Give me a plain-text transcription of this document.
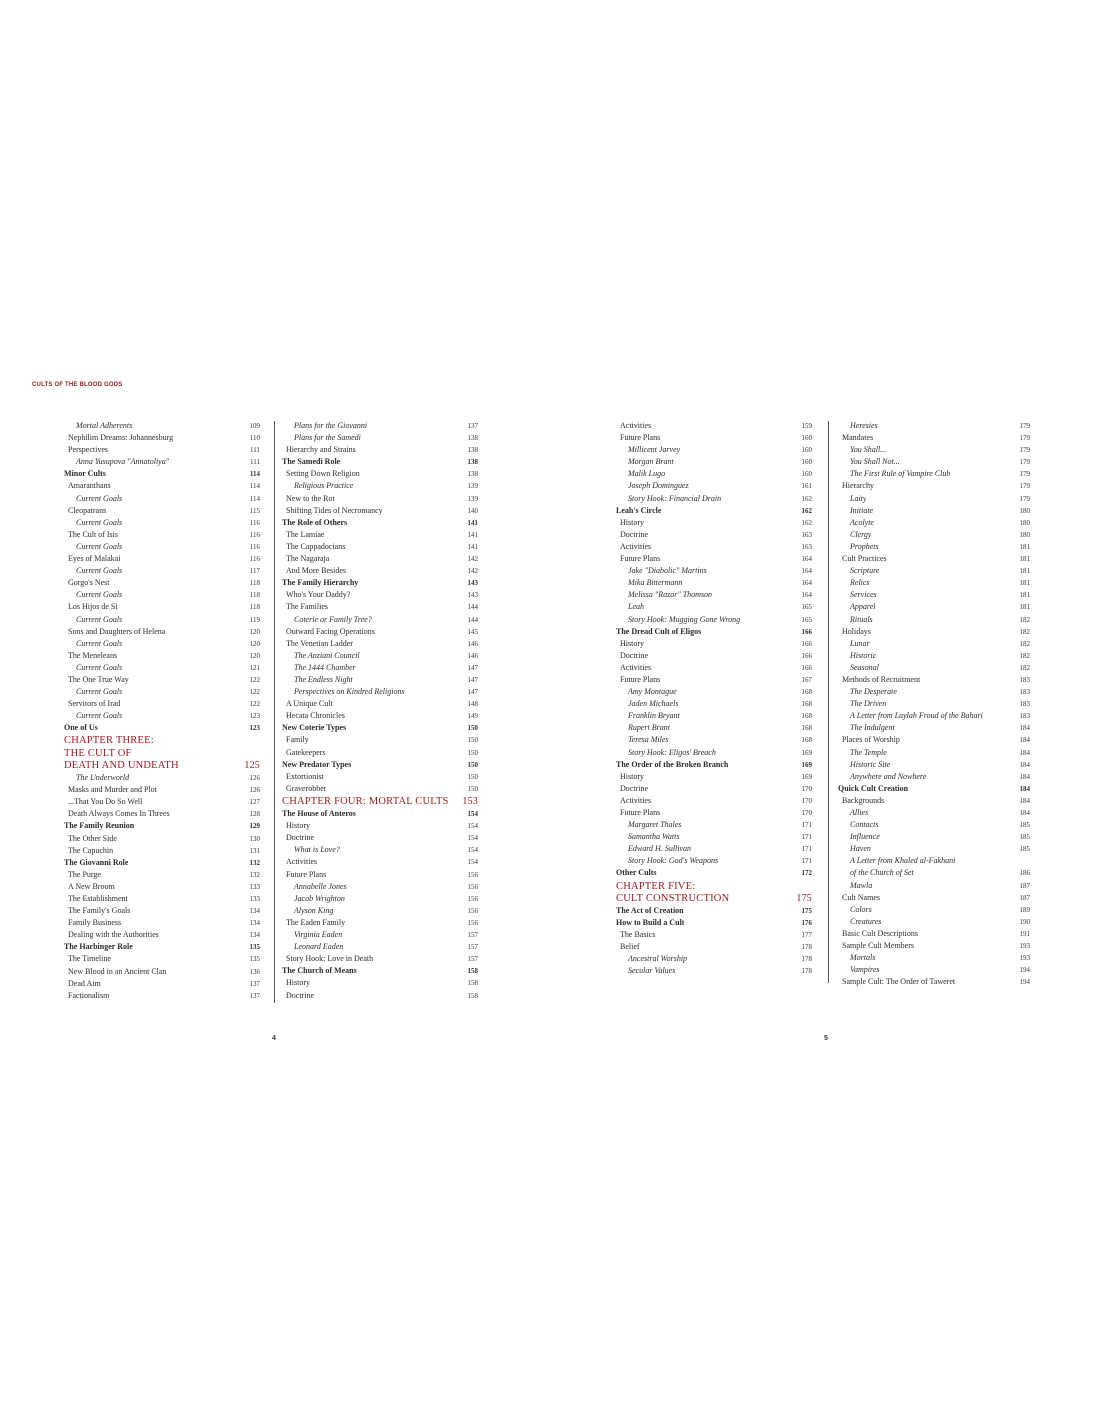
CULTS OF THE BLOOD GODS
Mortal Adherents	109
Nephilim Dreams: Johannesburg	110
Perspectives	111
Anna Yusupova "Annatoliya"	111
Minor Cults	114
Amaranthans	114
Current Goals	114
Cleopatrans	115
Current Goals	116
The Cult of Isis	116
Current Goals	116
Eyes of Malakai	116
Current Goals	117
Gorgo's Nest	118
Current Goals	118
Los Hijos de Si	118
Current Goals	119
Sons and Daughters of Helena	120
Current Goals	120
The Meneleans	120
Current Goals	121
The One True Way	122
Current Goals	122
Servitors of Irad	122
Current Goals	123
One of Us	123
CHAPTER THREE:
THE CULT OF
DEATH AND UNDEATH	125
The Underworld	126
Masks and Murder and Plot	126
...That You Do So Well	127
Death Always Comes In Threes	128
The Family Reunion	129
The Other Side	130
The Capuchin	131
The Giovanni Role	132
The Purge	132
A New Broom	133
The Establishment	133
The Family's Goals	134
Family Business	134
Dealing with the Authorities	134
The Harbinger Role	135
The Timeline	135
New Blood in an Ancient Clan	136
Dead Aim	137
Factionalism	137
Plans for the Giovanni	137
Plans for the Samedi	138
Hierarchy and Strains	138
The Samedi Role	138
Setting Down Religion	138
Religious Practice	139
New to the Rot	139
Shifting Tides of Necromancy	140
The Role of Others	141
The Lamiae	141
The Cappadocians	141
The Nagaraja	142
And More Besides	142
The Family Hierarchy	143
Who's Your Daddy?	143
The Families	144
Coterie or Family Tree?	144
Outward Facing Operations	145
The Venetian Ladder	146
The Anziani Council	146
The 1444 Chamber	147
The Endless Night	147
Perspectives on Kindred Religions	147
A Unique Cult	148
Hecata Chronicles	149
New Coterie Types	150
Family	150
Gatekeepers	150
New Predator Types	150
Extortionist	150
Graverobber	150
CHAPTER FOUR: MORTAL CULTS 153
The House of Anteros	154
History	154
Doctrine	154
What is Love?	154
Activities	154
Future Plans	156
Annabelle Jones	156
Jacob Wrighton	156
Alyson King	156
The Eaden Family	156
Virginia Eaden	157
Leonard Eaden	157
Story Hook: Love in Death	157
The Church of Means	158
History	158
Doctrine	158
Activities	159
Future Plans	160
Millicent Jarvey	160
Morgan Brant	160
Malik Lugo	160
Joseph Dominguez	161
Story Hook: Financial Drain	162
Leah's Circle	162
History	162
Doctrine	163
Activities	163
Future Plans	164
Jake "Diabolic" Martins	164
Mika Bittermann	164
Melissa "Razor" Thomson	164
Leah	165
Story Hook: Mugging Gone Wrong	165
The Dread Cult of Eligos	166
History	166
Doctrine	166
Activities	166
Future Plans	167
Amy Montague	168
Jaden Michaels	168
Franklin Bryant	168
Rupert Brant	168
Teresa Miles	168
Story Hook: Eligos' Breach	169
The Order of the Broken Branch	169
History	169
Doctrine	170
Activities	170
Future Plans	170
Margaret Thales	171
Samantha Watts	171
Edward H. Sullivan	171
Story Hook: God's Weapons	171
Other Cults	172
CHAPTER FIVE:
CULT CONSTRUCTION	175
The Act of Creation	175
How to Build a Cult	176
The Basics	177
Belief	178
Ancestral Worship	178
Secular Values	178
Heresies	179
Mandates	179
You Shall...	179
You Shall Not...	179
The First Rule of Vampire Club	179
Hierarchy	179
Laity	179
Initiate	180
Acolyte	180
Clergy	180
Prophets	181
Cult Practices	181
Scripture	181
Relics	181
Services	181
Apparel	181
Rituals	182
Holidays	182
Lunar	182
Historic	182
Seasonal	182
Methods of Recruitment	183
The Desperate	183
The Driven	183
A Letter from Laylah Froud of the Bahari	183
The Indulgent	184
Places of Worship	184
The Temple	184
Historic Site	184
Anywhere and Nowhere	184
Quick Cult Creation	184
Backgrounds	184
Allies	184
Contacts	185
Influence	185
Haven	185
A Letter from Khaled al-Fakhani
of the Church of Set	186
Mawla	187
Cult Names	187
Colors	189
Creatures	190
Basic Cult Descriptions	191
Sample Cult Members	193
Mortals	193
Vampires	194
Sample Cult: The Order of Taweret	194
4	5
